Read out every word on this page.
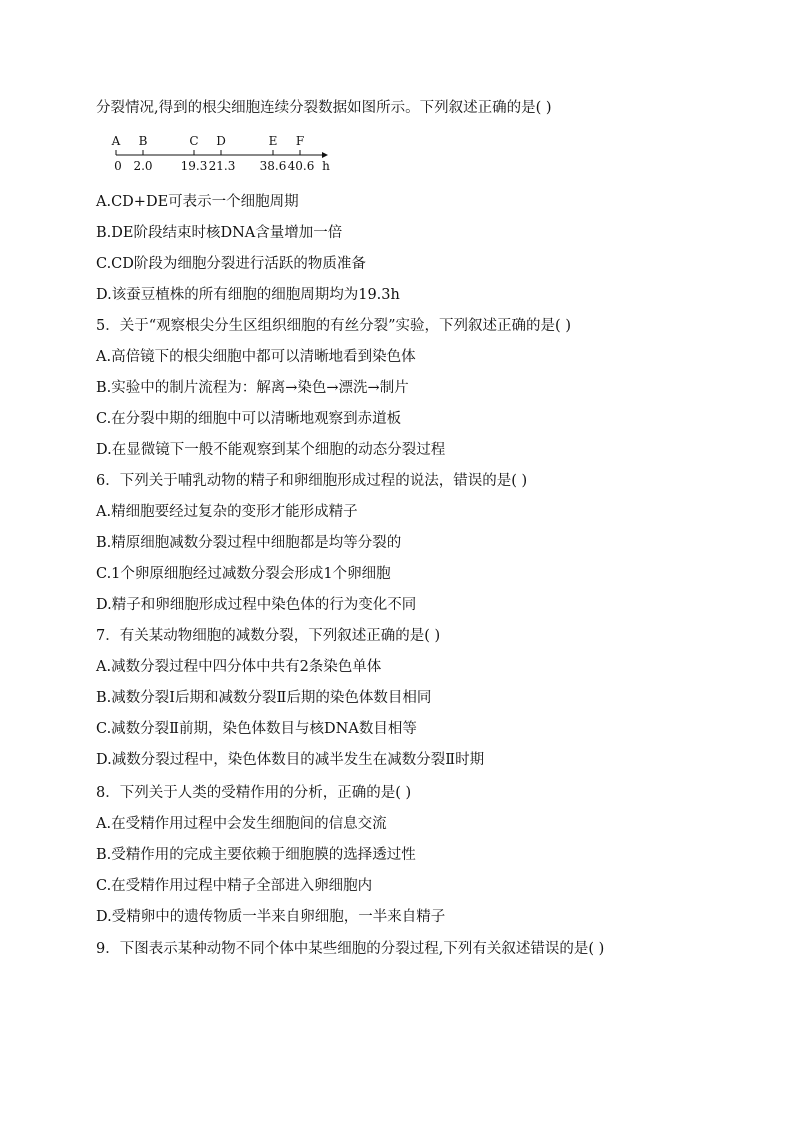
分裂情况,得到的根尖细胞连续分裂数据如图所示。下列叙述正确的是( )
A B	C D	E F
0 2.0 19.3 21.3 38.6 40.6 h
A.CD+DE可表示一个细胞周期
B.DE阶段结束时核DNA含量增加一倍
C.CD阶段为细胞分裂进行活跃的物质准备
D.该蚕豆植株的所有细胞的细胞周期均为19.3h
5．关于“观察根尖分生区组织细胞的有丝分裂”实验，下列叙述正确的是( )
A.高倍镜下的根尖细胞中都可以清晰地看到染色体
B.实验中的制片流程为：解离→染色→漂洗→制片
C.在分裂中期的细胞中可以清晰地观察到赤道板
D.在显微镜下一般不能观察到某个细胞的动态分裂过程
6．下列关于哺乳动物的精子和卵细胞形成过程的说法，错误的是( )
A.精细胞要经过复杂的变形才能形成精子
B.精原细胞减数分裂过程中细胞都是均等分裂的
C.1个卵原细胞经过减数分裂会形成1个卵细胞
D.精子和卵细胞形成过程中染色体的行为变化不同
7．有关某动物细胞的减数分裂，下列叙述正确的是( )
A.减数分裂过程中四分体中共有2条染色单体
B.减数分裂Ⅰ后期和减数分裂Ⅱ后期的染色体数目相同
C.减数分裂Ⅱ前期，染色体数目与核DNA数目相等
D.减数分裂过程中，染色体数目的减半发生在减数分裂Ⅱ时期
8．下列关于人类的受精作用的分析，正确的是( )
A.在受精作用过程中会发生细胞间的信息交流
B.受精作用的完成主要依赖于细胞膜的选择透过性
C.在受精作用过程中精子全部进入卵细胞内
D.受精卵中的遗传物质一半来自卵细胞，一半来自精子
9．下图表示某种动物不同个体中某些细胞的分裂过程,下列有关叙述错误的是( )
